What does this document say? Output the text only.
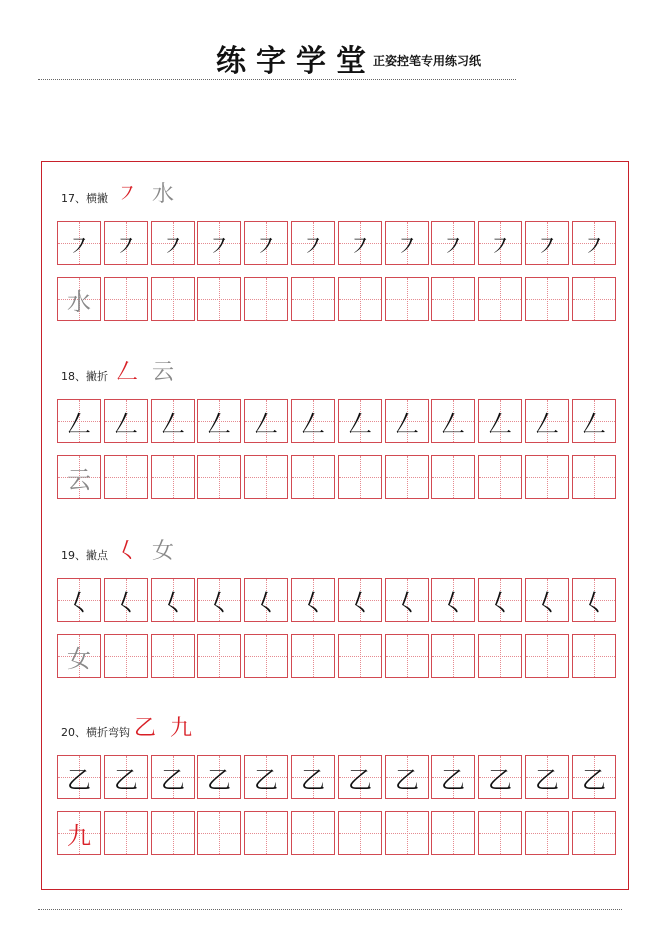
练字学堂
正姿控笔专用练习纸
17、横撇 ㇇ 水
㇇ ㇇ ㇇ ㇇ ㇇ ㇇ ㇇ ㇇ ㇇ ㇇ ㇇ ㇇
水
18、撇折 𠃋 云
𠃋 𠃋 𠃋 𠃋 𠃋 𠃋 𠃋 𠃋 𠃋 𠃋 𠃋 𠃋
云
19、撇点 𡿨 女
𡿨 𡿨 𡿨 𡿨 𡿨 𡿨 𡿨 𡿨 𡿨 𡿨 𡿨 𡿨
女
20、横折弯钩 乙 九
乙 乙 乙 乙 乙 乙 乙 乙 乙 乙 乙 乙
九
